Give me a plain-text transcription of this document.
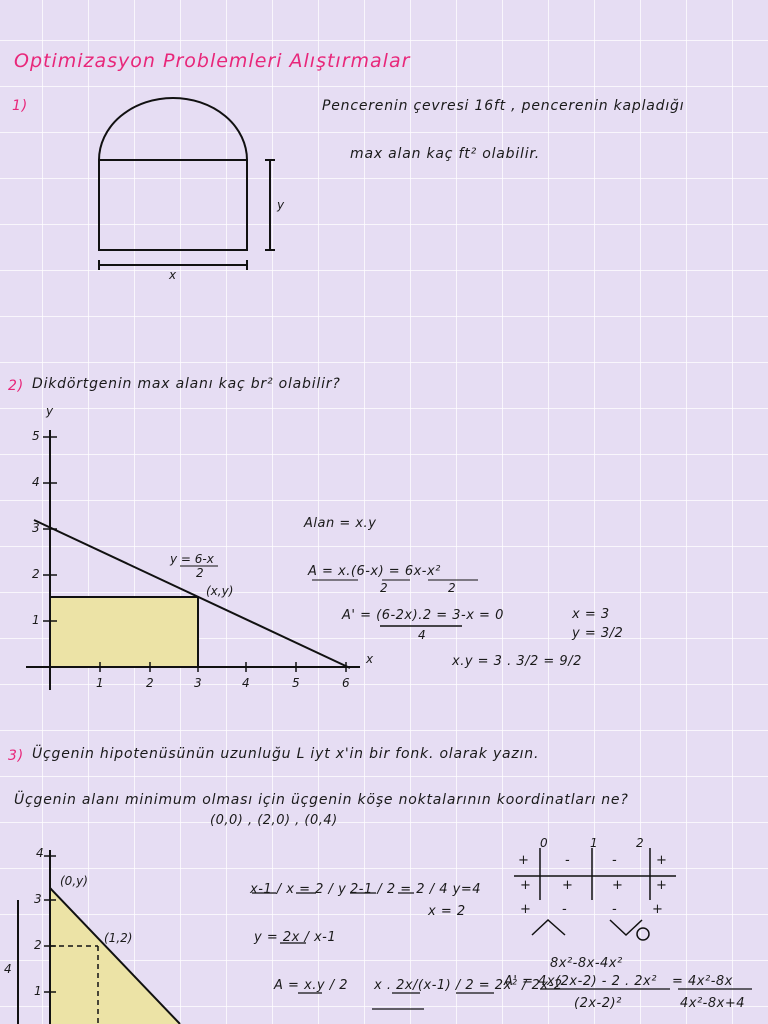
Optimizasyon Problemleri Alıştırmalar
1)	Pencerenin çevresi 16ft , pencerenin kapladığı
max alan kaç ft² olabilir.
y
x
2) Dikdörtgenin max alanı kaç br² olabilir?
y
x
5
4
3
2
1
1	2	3	4	5	6
y = 6-x
2
(x,y)
Alan = x.y
A = x.(6-x) = 6x-x²
2	2
A' = (6-2x).2 = 3-x = 0
4
x = 3
y = 3/2
x.y = 3 . 3/2 = 9/2
3) Üçgenin hipotenüsünün uzunluğu L iyt x'in bir fonk. olarak yazın.
Üçgenin alanı minimum olması için üçgenin köşe noktalarının koordinatları ne?
(0,0) , (2,0) , (0,4)
4
3
2
1
4
(0,y)
(1,2)
x-1 / x = 2 / y 2-1 / 2 = 2 / 4 y=4
x = 2
y = 2x / x-1
A = x.y / 2 x . 2x/(x-1) / 2 = 2x² / 2x-2
8x²-8x-4x²
A' = 4x(2x-2) - 2 . 2x²
(2x-2)²
= 4x²-8x
4x²-8x+4
0	1	2
+	-	-	+
+ +	+	+
+ -	-	+
